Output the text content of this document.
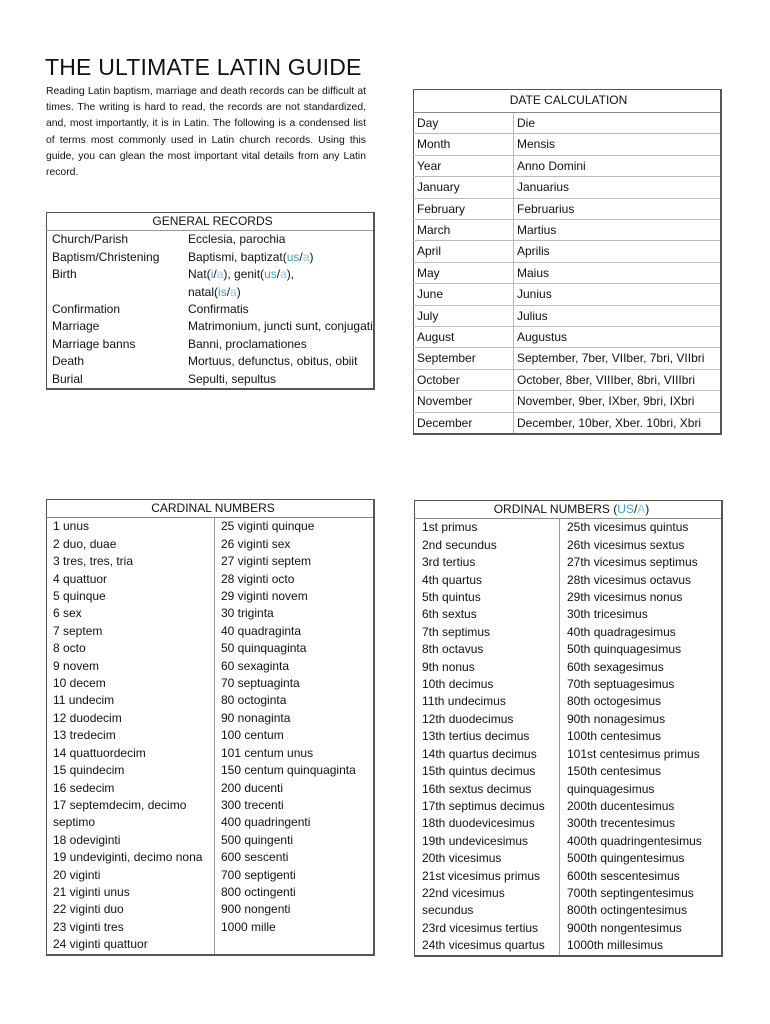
THE ULTIMATE LATIN GUIDE
Reading Latin baptism, marriage and death records can be difficult at times. The writing is hard to read, the records are not standardized, and, most importantly, it is in Latin. The following is a condensed list of terms most commonly used in Latin church records. Using this guide, you can glean the most important vital details from any Latin record.
GENERAL RECORDS	
Church/Parish	Ecclesia, parochia
Baptism/Christening	Baptismi, baptizat(us/a)
Birth	Nat(i/a), genit(us/a),
natal(is/a)
Confirmation	Confirmatis
Marriage	Matrimonium, juncti sunt, conjugati
Marriage banns	Banni, proclamationes
Death	Mortuus, defunctus, obitus, obiit
Burial	Sepulti, sepultus
DATE CALCULATION	
Day	Die
Month	Mensis
Year	Anno Domini
January	Januarius
February	Februarius
March	Martius
April	Aprilis
May	Maius
June	Junius
July	Julius
August	Augustus
September	September, 7ber, VIIber, 7bri, VIIbri
October	October, 8ber, VIIIber, 8bri, VIIIbri
November	November, 9ber, IXber, 9bri, IXbri
December	December, 10ber, Xber. 10bri, Xbri
CARDINAL NUMBERS

1 unus
2 duo, duae
3 tres, tres, tria
4 quattuor
5 quinque
6 sex
7 septem
8 octo
9 novem
10 decem
11 undecim
12 duodecim
13 tredecim
14 quattuordecim
15 quindecim
16 sedecim
17 septemdecim, decimo septimo
18 odeviginti
19 undeviginti, decimo nona
20 viginti
21 viginti unus
22 viginti duo
23 viginti tres
24 viginti quattuor

25 viginti quinque
26 viginti sex
27 viginti septem
28 viginti octo
29 viginti novem
30 triginta
40 quadraginta
50 quinquaginta
60 sexaginta
70 septuaginta
80 octoginta
90 nonaginta
100 centum
101 centum unus
150 centum quinquaginta
200 ducenti
300 trecenti
400 quadringenti
500 quingenti
600 sescenti
700 septigenti
800 octingenti
900 nongenti
1000 mille
ORDINAL NUMBERS (US/A)

1st primus
2nd secundus
3rd tertius
4th quartus
5th quintus
6th sextus
7th septimus
8th octavus
9th nonus
10th decimus
11th undecimus
12th duodecimus
13th tertius decimus
14th quartus decimus
15th quintus decimus
16th sextus decimus
17th septimus decimus
18th duodevicesimus
19th undevicesimus
20th vicesimus
21st vicesimus primus
22nd vicesimus secundus
23rd vicesimus tertius
24th vicesimus quartus

25th vicesimus quintus
26th vicesimus sextus
27th vicesimus septimus
28th vicesimus octavus
29th vicesimus nonus
30th tricesimus
40th quadragesimus
50th quinquagesimus
60th sexagesimus
70th septuagesimus
80th octogesimus
90th nonagesimus
100th centesimus
101st centesimus primus
150th centesimus quinquagesimus
200th ducentesimus
300th trecentesimus
400th quadringentesimus
500th quingentesimus
600th sescentesimus
700th septingentesimus
800th octingentesimus
900th nongentesimus
1000th millesimus
